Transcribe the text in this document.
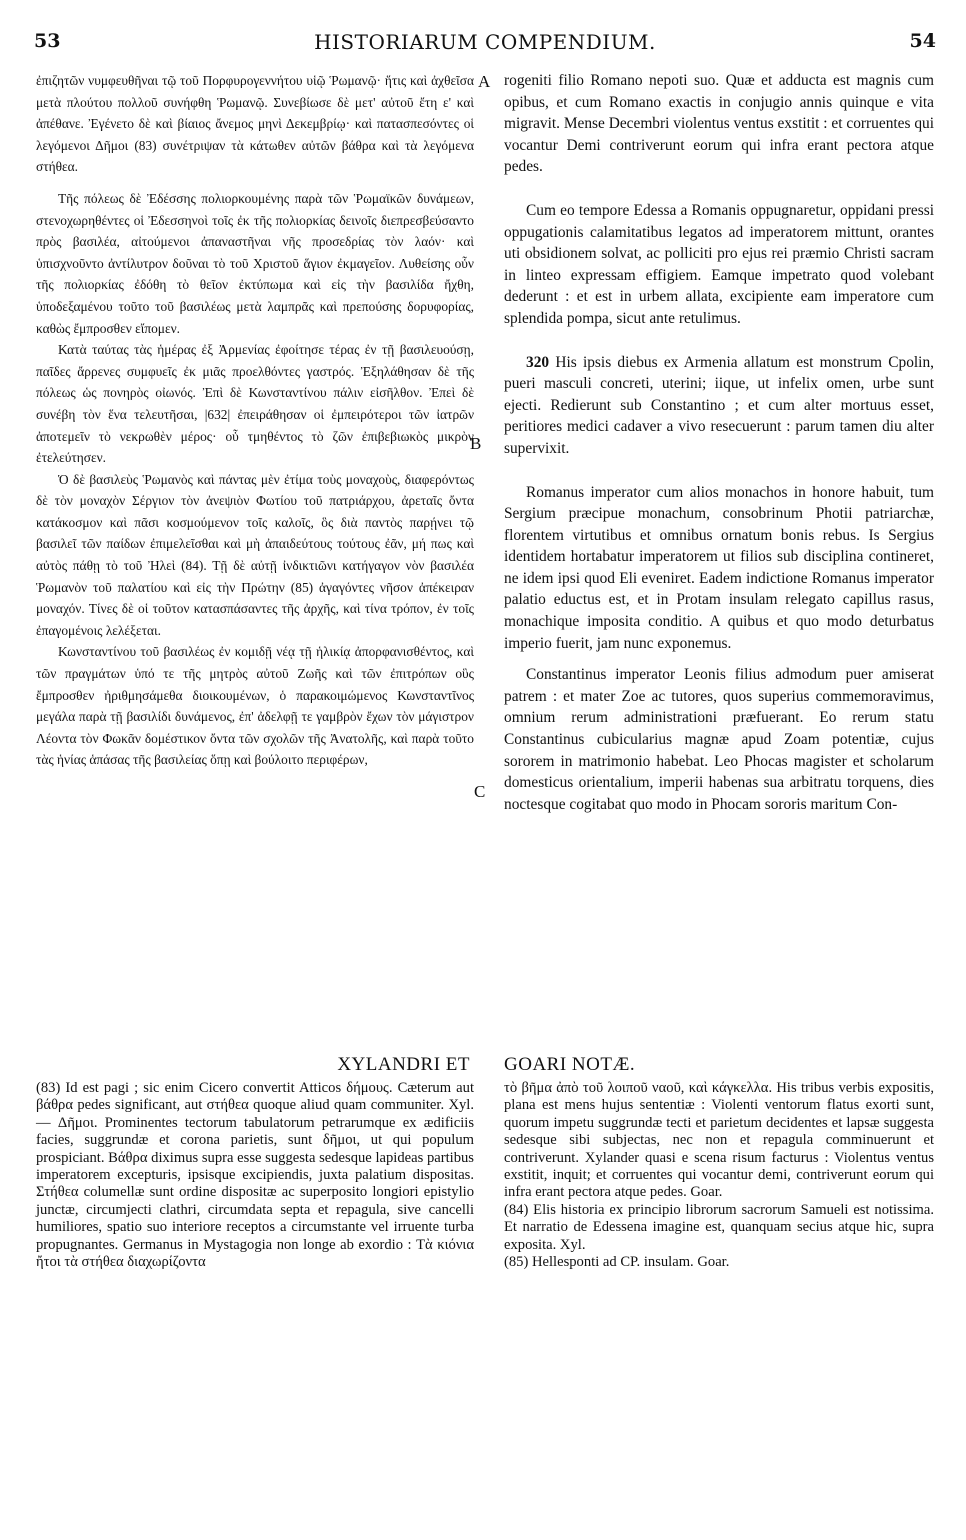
53	HISTORIARUM COMPENDIUM.	54
A
B
C

ἐπιζητῶν νυμφευθῆναι τῷ τοῦ Πορφυρογεννήτου υἱῷ Ῥωμανῷ· ἥτις καὶ ἀχθεῖσα μετὰ πλούτου πολλοῦ συνήφθη Ῥωμανῷ. Συνεβίωσε δὲ μετ' αὐτοῦ ἔτη ε' καὶ ἀπέθανε. Ἐγένετο δὲ καὶ βίαιος ἄνεμος μηνὶ Δεκεμβρίῳ· καὶ πατασπεσόντες οἱ λεγόμενοι Δῆμοι (83) συνέτριψαν τὰ κάτωθεν αὐτῶν βάθρα καὶ τὰ λεγόμενα στήθεα.

Τῆς πόλεως δὲ Ἐδέσσης πολιορκουμένης παρὰ τῶν Ῥωμαϊκῶν δυνάμεων, στενοχωρηθέντες οἱ Ἐδεσσηνοὶ τοῖς ἐκ τῆς πολιορκίας δεινοῖς διεπρεσβεύσαντο πρὸς βασιλέα, αἰτούμενοι ἀπαναστῆναι νῆς προσεδρίας τὸν λαόν· καὶ ὑπισχνοῦντο ἀντίλυτρον δοῦναι τὸ τοῦ Χριστοῦ ἅγιον ἐκμαγεῖον. Λυθείσης οὖν τῆς πολιορκίας ἐδόθη τὸ θεῖον ἐκτύπωμα καὶ εἰς τὴν βασιλίδα ἤχθη, ὑποδεξαμένου τοῦτο τοῦ βασιλέως μετὰ λαμπρᾶς καὶ πρεπούσης δορυφορίας, καθὼς ἔμπροσθεν εἴπομεν.

Κατὰ ταύτας τὰς ἡμέρας ἐξ Ἀρμενίας ἐφοίτησε τέρας ἐν τῇ βασιλευούσῃ, παῖδες ἄρρενες συμφυεῖς ἐκ μιᾶς προελθόντες γαστρός. Ἐξηλάθησαν δὲ τῆς πόλεως ὡς πονηρὸς οἰωνός. Ἐπὶ δὲ Κωνσταντίνου πάλιν εἰσῆλθον. Ἐπεὶ δὲ συνέβη τὸν ἕνα τελευτῆσαι, |632| ἐπειράθησαν οἱ ἐμπειρότεροι τῶν ἰατρῶν ἀποτεμεῖν τὸ νεκρωθὲν μέρος· οὗ τμηθέντος τὸ ζῶν ἐπιβεβιωκὸς μικρὸν ἐτελεύτησεν.

Ὁ δὲ βασιλεὺς Ῥωμανὸς καὶ πάντας μὲν ἐτίμα τοὺς μοναχοὺς, διαφερόντως δὲ τὸν μοναχὸν Σέργιον τὸν ἀνεψιὸν Φωτίου τοῦ πατριάρχου, ἀρεταῖς ὄντα κατάκοσμον καὶ πᾶσι κοσμούμενον τοῖς καλοῖς, ὃς διὰ παντὸς παρῄνει τῷ βασιλεῖ τῶν παίδων ἐπιμελεῖσθαι καὶ μὴ ἀπαιδεύτους τούτους ἐᾶν, μή πως καὶ αὐτὸς πάθῃ τὸ τοῦ Ἠλεὶ (84). Τῇ δὲ αὐτῇ ἰνδικτιῶνι κατήγαγον νὸν βασιλέα Ῥωμανὸν τοῦ παλατίου καὶ εἰς τὴν Πρώτην (85) ἀγαγόντες νῆσον ἀπέκειραν μοναχόν. Τίνες δὲ οἱ τοῦτον κατασπάσαντες τῆς ἀρχῆς, καὶ τίνα τρόπον, ἐν τοῖς ἐπαγομένοις λελέξεται.

Κωνσταντίνου τοῦ βασιλέως ἐν κομιδῇ νέᾳ τῇ ἡλικίᾳ ἀπορφανισθέντος, καὶ τῶν πραγμάτων ὑπό τε τῆς μητρὸς αὐτοῦ Ζωῆς καὶ τῶν ἐπιτρόπων οὓς ἔμπροσθεν ἠριθμησάμεθα διοικουμένων, ὁ παρακοιμώμενος Κωνσταντῖνος μεγάλα παρὰ τῇ βασιλίδι δυνάμενος, ἐπ' ἀδελφῇ τε γαμβρὸν ἔχων τὸν μάγιστρον Λέοντα τὸν Φωκᾶν δομέστικον ὄντα τῶν σχολῶν τῆς Ἀνατολῆς, καὶ παρὰ τοῦτο τὰς ἡνίας ἁπάσας τῆς βασιλείας ὅπῃ καὶ βούλοιτο περιφέρων,

rogeniti filio Romano nepoti suo. Quæ et adducta est magnis cum opibus, et cum Romano exactis in conjugio annis quinque e vita migravit. Mense Decembri violentus ventus exstitit : et corruentes qui vocantur Demi contriverunt eorum qui infra erant pectora atque pedes.

Cum eo tempore Edessa a Romanis oppugnaretur, oppidani pressi oppugationis calamitatibus legatos ad imperatorem mittunt, orantes uti obsidionem solvat, ac polliciti pro ejus rei præmio Christi sacram in linteo expressam effigiem. Eamque impetrato quod volebant dederunt : et est in urbem allata, excipiente eam imperatore cum splendida pompa, sicut ante retulimus.

320 His ipsis diebus ex Armenia allatum est monstrum Cpolin, pueri masculi concreti, uterini; iique, ut infelix omen, urbe sunt ejecti. Redierunt sub Constantino ; et cum alter mortuus esset, peritiores medici cadaver a vivo resecuerunt : parum tamen diu alter supervixit.

Romanus imperator cum alios monachos in honore habuit, tum Sergium præcipue monachum, consobrinum Photii patriarchæ, florentem virtutibus et omnibus ornatum bonis rebus. Is Sergius identidem hortabatur imperatorem ut filios sub disciplina contineret, ne idem ipsi quod Eli eveniret. Eadem indictione Romanus imperator palatio eductus est, et in Protam insulam relegato capillus rasus, monachique imposita conditio. A quibus et quo modo deturbatus imperio fuerit, jam nunc exponemus.

Constantinus imperator Leonis filius admodum puer amiserat patrem : et mater Zoe ac tutores, quos superius commemoravimus, omnium rerum administrationi præfuerant. Eo rerum statu Constantinus cubicularius magnæ apud Zoam potentiæ, cujus sororem in matrimonio habebat. Leo Phocas magister et scholarum domesticus orientalium, imperii habenas sua arbitratu torquens, dies noctesque cogitabat quo modo in Phocam sororis maritum Con-

XYLANDRI ET GOARI NOTÆ.

(83) Id est pagi ; sic enim Cicero convertit Atticos δήμους. Cæterum aut βάθρα pedes significant, aut στήθεα quoque aliud quam communiter. Xyl. — Δῆμοι. Prominentes tectorum tabulatorum petrarumque ex ædificiis facies, suggrundæ et corona parietis, sunt δῆμοι, ut qui populum prospiciant. Βάθρα diximus supra esse suggesta sedesque lapideas partibus imperatorem excepturis, ipsisque excipiendis, juxta palatium dispositas. Στήθεα columellæ sunt ordine dispositæ ac superposito longiori epistylio junctæ, circumjecti clathri, circumdata septa et repagula, sive cancelli humiliores, spatio suo interiore receptos a circumstante vel irruente turba propugnantes. Germanus in Mystagogia non longe ab exordio : Τὰ κιόνια ἤτοι τὰ στήθεα διαχωρίζοντα

τὸ βῆμα ἀπὸ τοῦ λοιποῦ ναοῦ, καὶ κάγκελλα. His tribus verbis expositis, plana est mens hujus sententiæ : Violenti ventorum flatus exorti sunt, quorum impetu suggrundæ tecti et parietum decidentes et lapsæ suggesta sedesque sibi subjectas, nec non et repagula comminuerunt et contriverunt. Xylander quasi e scena risum facturus : Violentus ventus exstitit, inquit; et corruentes qui vocantur demi, contriverunt eorum qui infra erant pectora atque pedes. Goar.

(84) Elis historia ex principio librorum sacrorum Samueli est notissima. Et narratio de Edessena imagine est, quanquam secius atque hic, supra exposita. Xyl.

(85) Hellesponti ad CP. insulam. Goar.
